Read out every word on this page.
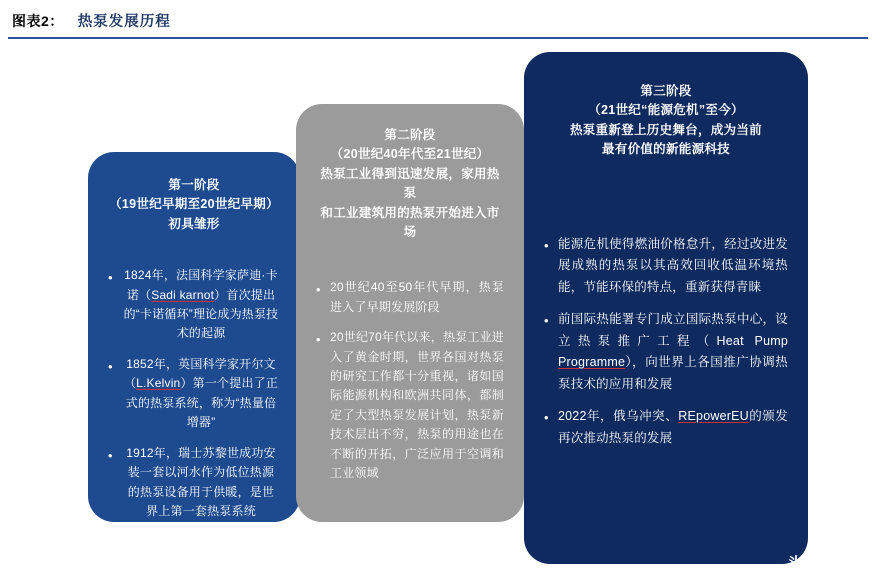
图表2： 热泵发展历程
第一阶段
（19世纪早期至20世纪早期）
初具雏形
•
1824年，法国科学家萨迪·卡诺（Sadi karnot）首次提出的“卡诺循环”理论成为热泵技术的起源
•
1852年，英国科学家开尔文（L.Kelvin）第一个提出了正式的热泵系统，称为“热量倍增器”
•
1912年，瑞士苏黎世成功安装一套以河水作为低位热源的热泵设备用于供暖，是世界上第一套热泵系统
第二阶段
（20世纪40年代至21世纪）
热泵工业得到迅速发展，家用热泵
和工业建筑用的热泵开始进入市场
•
20世纪40至50年代早期，热泵进入了早期发展阶段
•
20世纪70年代以来，热泵工业进入了黄金时期，世界各国对热泵的研究工作都十分重视，诸如国际能源机构和欧洲共同体，都制定了大型热泵发展计划，热泵新技术层出不穷，热泵的用途也在不断的开拓，广泛应用于空调和工业领域
第三阶段
（21世纪“能源危机”至今）
热泵重新登上历史舞台，成为当前
最有价值的新能源科技
•
能源危机使得燃油价格怠升，经过改进发展成熟的热泵以其高效回收低温环境热能，节能环保的特点，重新获得青睐
•
前国际热能署专门成立国际热泵中心，设立热泵推广工程（Heat Pump Programme），向世界上各国推广协调热泵技术的应用和发展
•
2022年，俄乌冲突、REpowerEU的颁发再次推动热泵的发展
头条 @认是
